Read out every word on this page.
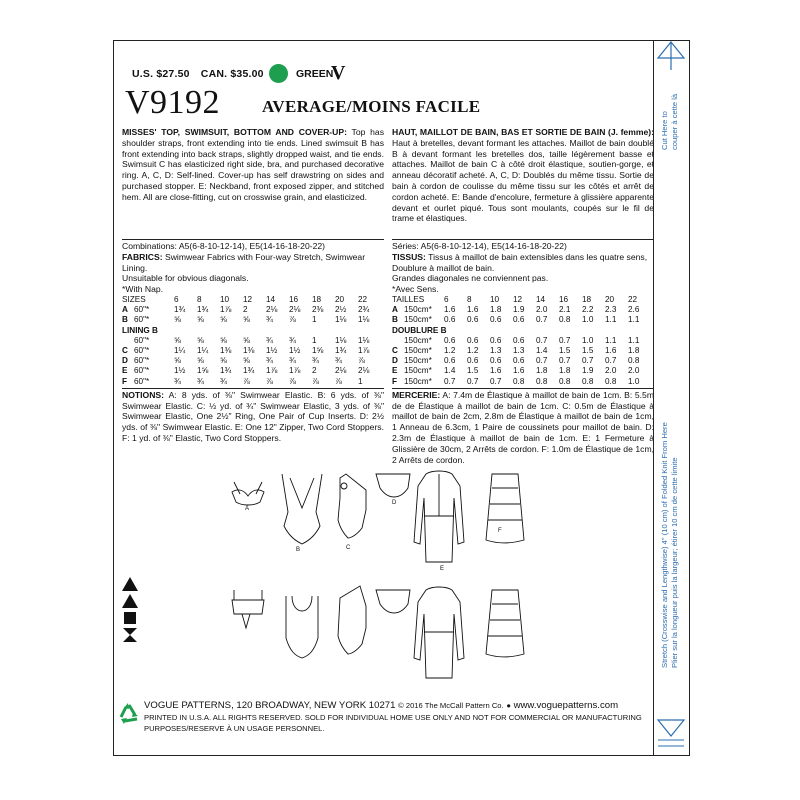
U.S. $27.50 CAN. $35.00	GREEN
V
V9192 AVERAGE/MOINS FACILE
MISSES' TOP, SWIMSUIT, BOTTOM AND COVER-UP: Top has shoulder straps, front extending into tie ends. Lined swimsuit B has front extending into back straps, slightly dropped waist, and tie ends. Swimsuit C has elasticized right side, bra, and purchased decorative ring. A, C, D: Self-lined. Cover-up has self drawstring on sides and purchased stopper. E: Neckband, front exposed zipper, and stitched hem. All are close-fitting, cut on crosswise grain, and elasticized.
HAUT, MAILLOT DE BAIN, BAS ET SORTIE DE BAIN (J. femme): Haut à bretelles, devant formant les attaches. Maillot de bain doublé B à devant formant les bretelles dos, taille légèrement basse et attaches. Maillot de bain C à côté droit élastique, soutien-gorge, et anneau décoratif acheté. A, C, D: Doublés du même tissu. Sortie de bain à cordon de coulisse du même tissu sur les côtés et arrêt de cordon acheté. E: Bande d'encolure, fermeture à glissière apparente devant et ourlet piqué. Tous sont moulants, coupés sur le fil de trame et élastiques.
Combinations: A5(6-8-10-12-14), E5(14-16-18-20-22)
FABRICS: Swimwear Fabrics with Four-way Stretch, Swimwear Lining.
Unsuitable for obvious diagonals.
*With Nap.
SIZES		6	8	10	12	14	16	18	20	22
A	60"*	1¾	1¾	1⅞	2	2⅛	2⅛	2⅜	2½	2¾
B	60"*	⅝	⅝	⅝	⅝	¾	⅞	1	1⅛	1⅛
LINING B										
	60"*	⅝	⅝	⅝	⅝	¾	¾	1	1⅛	1⅛
C	60"*	1¼	1¼	1⅜	1⅜	1½	1½	1⅝	1¾	1⅞
D	60"*	⅝	⅝	⅝	⅝	¾	¾	¾	¾	⅞
E	60"*	1½	1⅝	1¾	1¾	1⅞	1⅞	2	2⅛	2⅛
F	60"*	¾	¾	¾	⅞	⅞	⅞	⅞	⅞	1
NOTIONS: A: 8 yds. of ⅜" Swimwear Elastic. B: 6 yds. of ⅜" Swimwear Elastic. C: ½ yd. of ¾" Swimwear Elastic, 3 yds. of ⅜" Swimwear Elastic, One 2½" Ring, One Pair of Cup Inserts. D: 2½ yds. of ⅜" Swimwear Elastic. E: One 12" Zipper, Two Cord Stoppers. F: 1 yd. of ⅜" Elastic, Two Cord Stoppers.
Séries: A5(6-8-10-12-14), E5(14-16-18-20-22)
TISSUS: Tissus à maillot de bain extensibles dans les quatre sens, Doublure à maillot de bain.
Grandes diagonales ne conviennent pas.
*Avec Sens.
TAILLES		6	8	10	12	14	16	18	20	22
A	150cm*	1.6	1.6	1.8	1.9	2.0	2.1	2.2	2.3	2.6
B	150cm*	0.6	0.6	0.6	0.6	0.7	0.8	1.0	1.1	1.1
DOUBLURE B										
	150cm*	0.6	0.6	0.6	0.6	0.7	0.7	1.0	1.1	1.1
C	150cm*	1.2	1.2	1.3	1.3	1.4	1.5	1.5	1.6	1.8
D	150cm*	0.6	0.6	0.6	0.6	0.7	0.7	0.7	0.7	0.8
E	150cm*	1.4	1.5	1.6	1.6	1.8	1.8	1.9	2.0	2.0
F	150cm*	0.7	0.7	0.7	0.8	0.8	0.8	0.8	0.8	1.0
MERCERIE: A: 7.4m de Élastique à maillot de bain de 1cm. B: 5.5m de de Élastique à maillot de bain de 1cm. C: 0.5m de Élastique à maillot de bain de 2cm, 2.8m de Élastique à maillot de bain de 1cm, 1 Anneau de 6.3cm, 1 Paire de coussinets pour maillot de bain. D: 2.3m de Élastique à maillot de bain de 1cm. E: 1 Fermeture à Glissière de 30cm, 2 Arrêts de cordon. F: 1.0m de Élastique de 1cm, 2 Arrêts de cordon.
A
B	C
D
E
F
VOGUE PATTERNS, 120 BROADWAY, NEW YORK 10271 © 2016 The McCall Pattern Co. ● www.voguepatterns.com
PRINTED IN U.S.A. ALL RIGHTS RESERVED. SOLD FOR INDIVIDUAL HOME USE ONLY AND NOT FOR COMMERCIAL OR MANUFACTURING PURPOSES/RESERVE À UN USAGE PERSONNEL.
Cut Here to couper à cette là
Stretch (Crosswise and Lengthwise) 4" (10 cm) of Folded Knit From Here Plier sur la longueur puis la largeur; étirer 10 cm de cette limite
